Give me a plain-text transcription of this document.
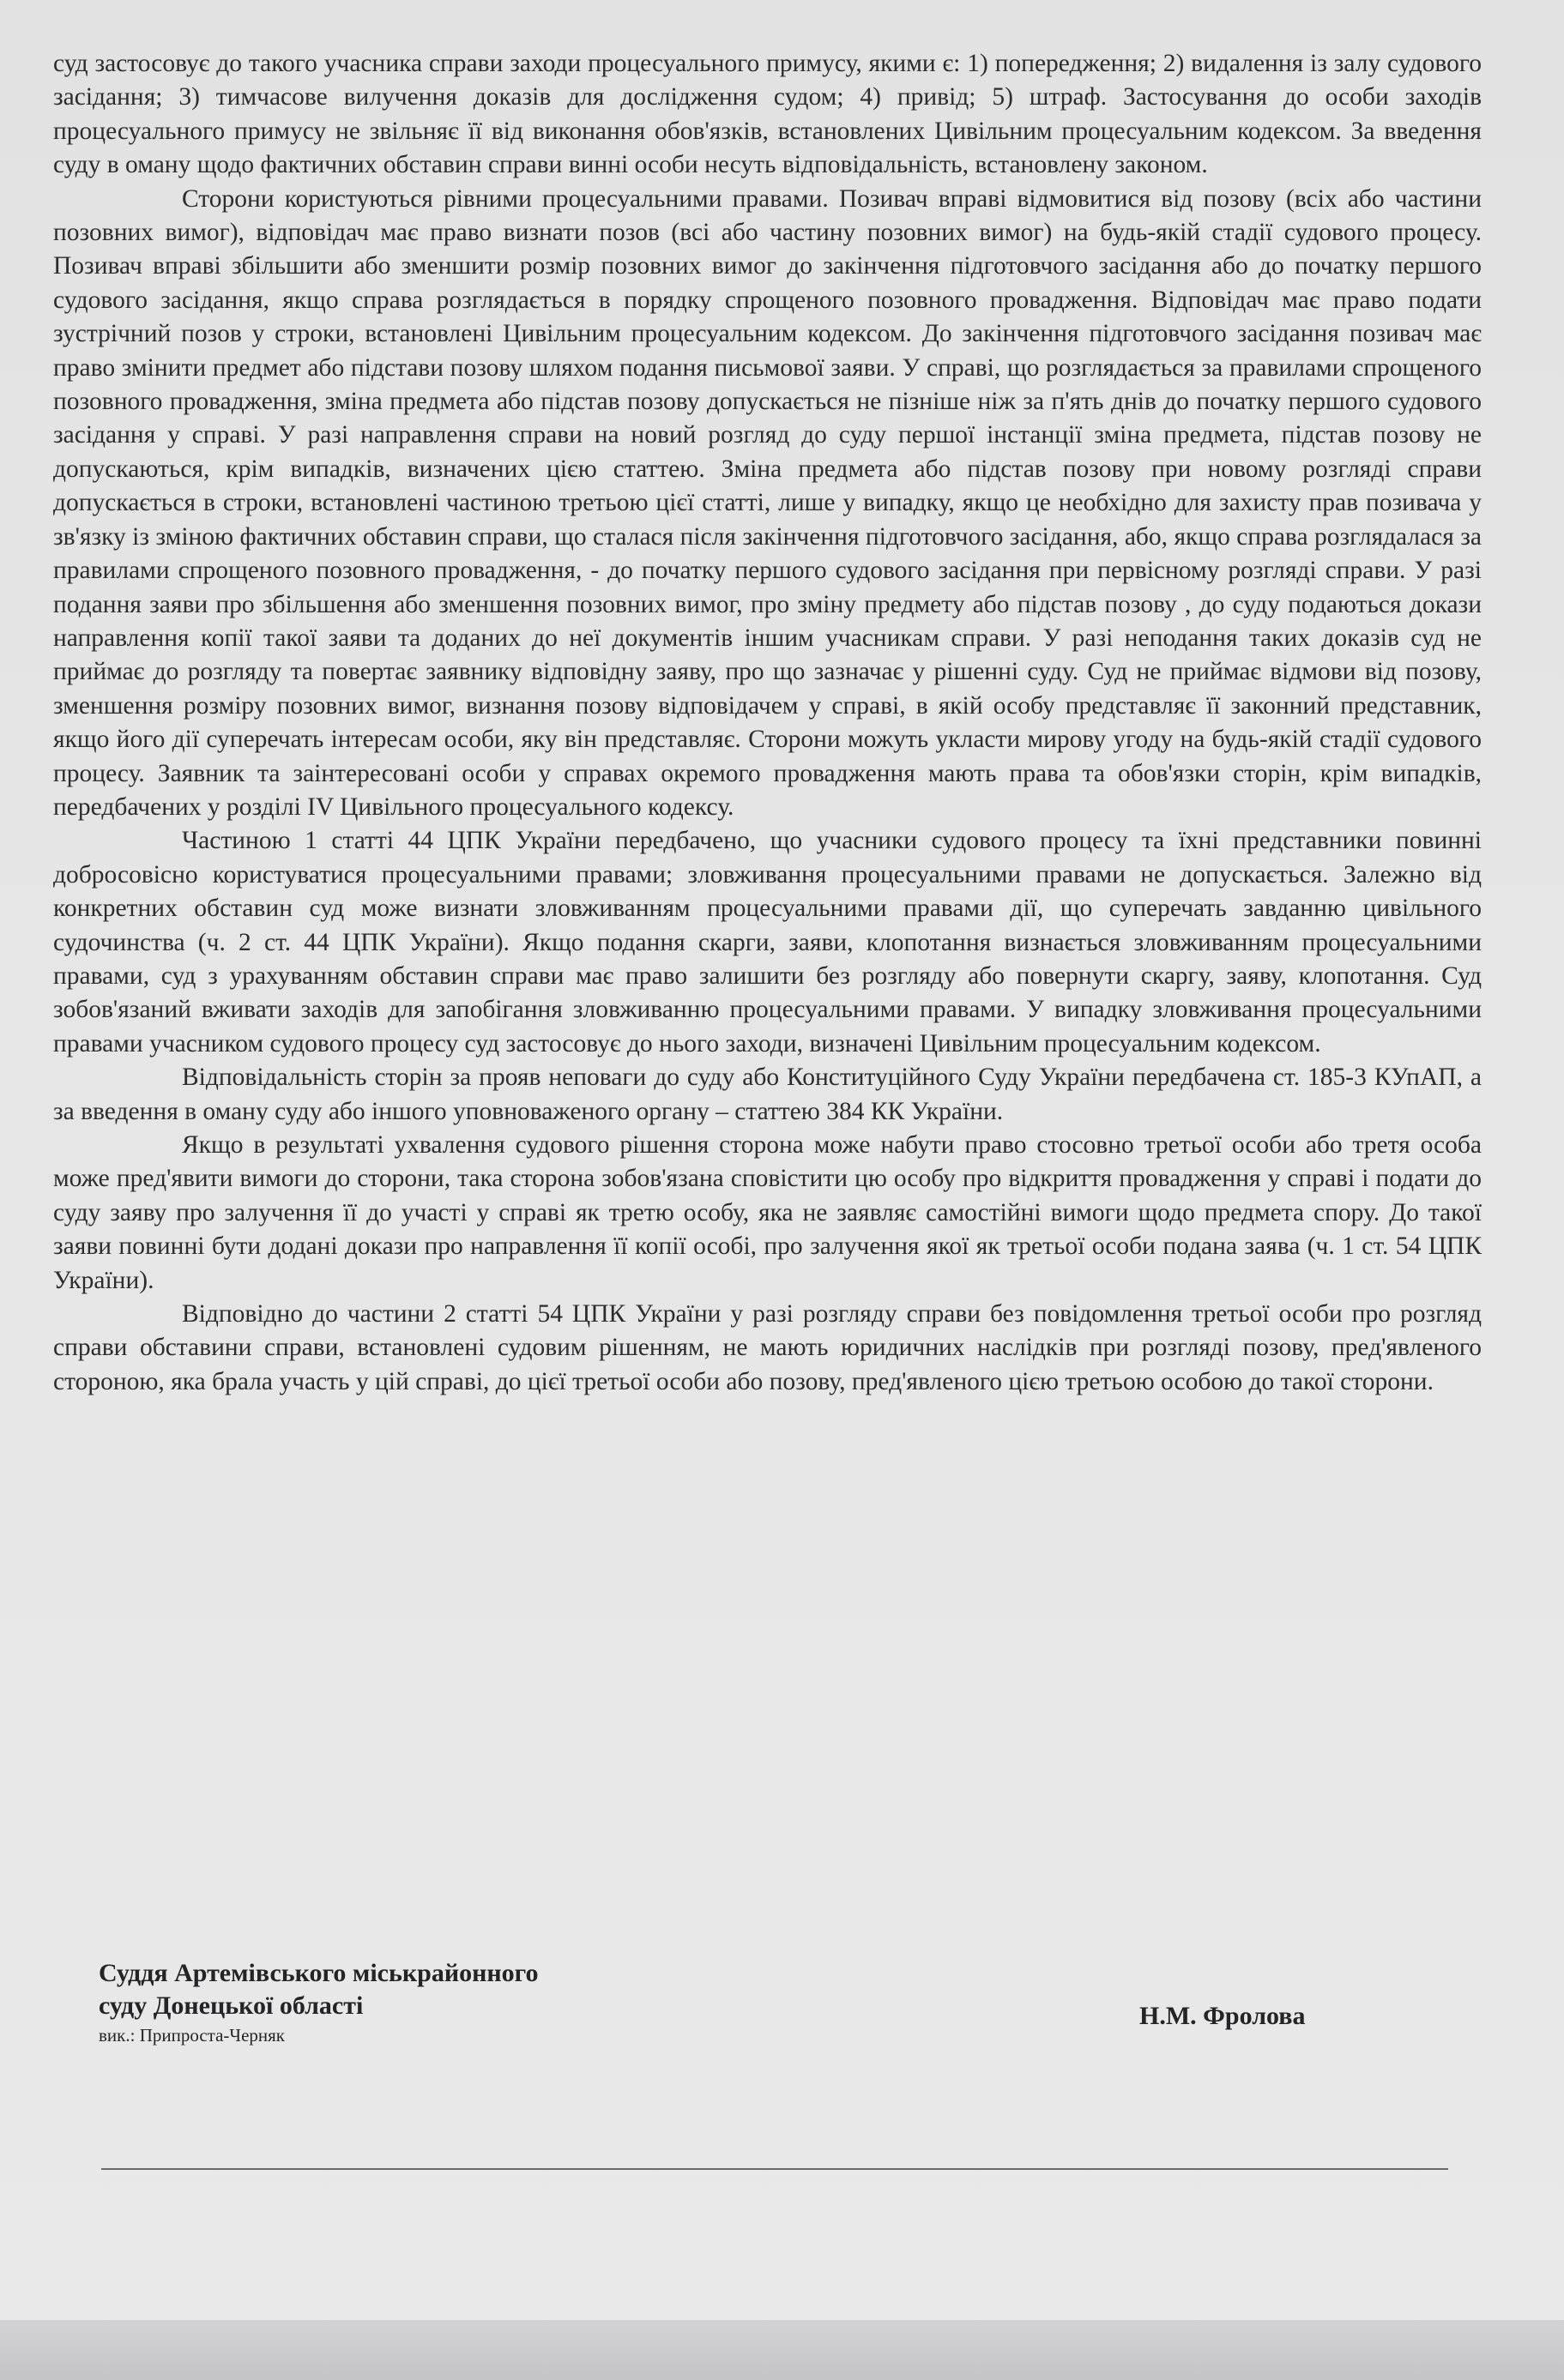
суд застосовує до такого учасника справи заходи процесуального примусу, якими є: 1) попередження; 2) видалення із залу судового засідання; 3) тимчасове вилучення доказів для дослідження судом; 4) привід; 5) штраф. Застосування до особи заходів процесуального примусу не звільняє її від виконання обов'язків, встановлених Цивільним процесуальним кодексом. За введення суду в оману щодо фактичних обставин справи винні особи несуть відповідальність, встановлену законом.

Сторони користуються рівними процесуальними правами. Позивач вправі відмовитися від позову (всіх або частини позовних вимог), відповідач має право визнати позов (всі або частину позовних вимог) на будь-якій стадії судового процесу. Позивач вправі збільшити або зменшити розмір позовних вимог до закінчення підготовчого засідання або до початку першого судового засідання, якщо справа розглядається в порядку спрощеного позовного провадження. Відповідач має право подати зустрічний позов у строки, встановлені Цивільним процесуальним кодексом. До закінчення підготовчого засідання позивач має право змінити предмет або підстави позову шляхом подання письмової заяви. У справі, що розглядається за правилами спрощеного позовного провадження, зміна предмета або підстав позову допускається не пізніше ніж за п'ять днів до початку першого судового засідання у справі. У разі направлення справи на новий розгляд до суду першої інстанції зміна предмета, підстав позову не допускаються, крім випадків, визначених цією статтею. Зміна предмета або підстав позову при новому розгляді справи допускається в строки, встановлені частиною третьою цієї статті, лише у випадку, якщо це необхідно для захисту прав позивача у зв'язку із зміною фактичних обставин справи, що сталася після закінчення підготовчого засідання, або, якщо справа розглядалася за правилами спрощеного позовного провадження, - до початку першого судового засідання при первісному розгляді справи. У разі подання заяви про збільшення або зменшення позовних вимог, про зміну предмету або підстав позову , до суду подаються докази направлення копії такої заяви та доданих до неї документів іншим учасникам справи. У разі неподання таких доказів суд не приймає до розгляду та повертає заявнику відповідну заяву, про що зазначає у рішенні суду. Суд не приймає відмови від позову, зменшення розміру позовних вимог, визнання позову відповідачем у справі, в якій особу представляє її законний представник, якщо його дії суперечать інтересам особи, яку він представляє. Сторони можуть укласти мирову угоду на будь-якій стадії судового процесу. Заявник та заінтересовані особи у справах окремого провадження мають права та обов'язки сторін, крім випадків, передбачених у розділі IV Цивільного процесуального кодексу.

Частиною 1 статті 44 ЦПК України передбачено, що учасники судового процесу та їхні представники повинні добросовісно користуватися процесуальними правами; зловживання процесуальними правами не допускається. Залежно від конкретних обставин суд може визнати зловживанням процесуальними правами дії, що суперечать завданню цивільного судочинства (ч. 2 ст. 44 ЦПК України). Якщо подання скарги, заяви, клопотання визнається зловживанням процесуальними правами, суд з урахуванням обставин справи має право залишити без розгляду або повернути скаргу, заяву, клопотання. Суд зобов'язаний вживати заходів для запобігання зловживанню процесуальними правами. У випадку зловживання процесуальними правами учасником судового процесу суд застосовує до нього заходи, визначені Цивільним процесуальним кодексом.

Відповідальність сторін за прояв неповаги до суду або Конституційного Суду України передбачена ст. 185-3 КУпАП, а за введення в оману суду або іншого уповноваженого органу – статтею 384 КК України.

Якщо в результаті ухвалення судового рішення сторона може набути право стосовно третьої особи або третя особа може пред'явити вимоги до сторони, така сторона зобов'язана сповістити цю особу про відкриття провадження у справі і подати до суду заяву про залучення її до участі у справі як третю особу, яка не заявляє самостійні вимоги щодо предмета спору. До такої заяви повинні бути додані докази про направлення її копії особі, про залучення якої як третьої особи подана заява (ч. 1 ст. 54 ЦПК України).

Відповідно до частини 2 статті 54 ЦПК України у разі розгляду справи без повідомлення третьої особи про розгляд справи обставини справи, встановлені судовим рішенням, не мають юридичних наслідків при розгляді позову, пред'явленого стороною, яка брала участь у цій справі, до цієї третьої особи або позову, пред'явленого цією третьою особою до такої сторони.

Суддя Артемівського міськрайонного
суду Донецької області
вик.: Припроста-Черняк
Н.М. Фролова
